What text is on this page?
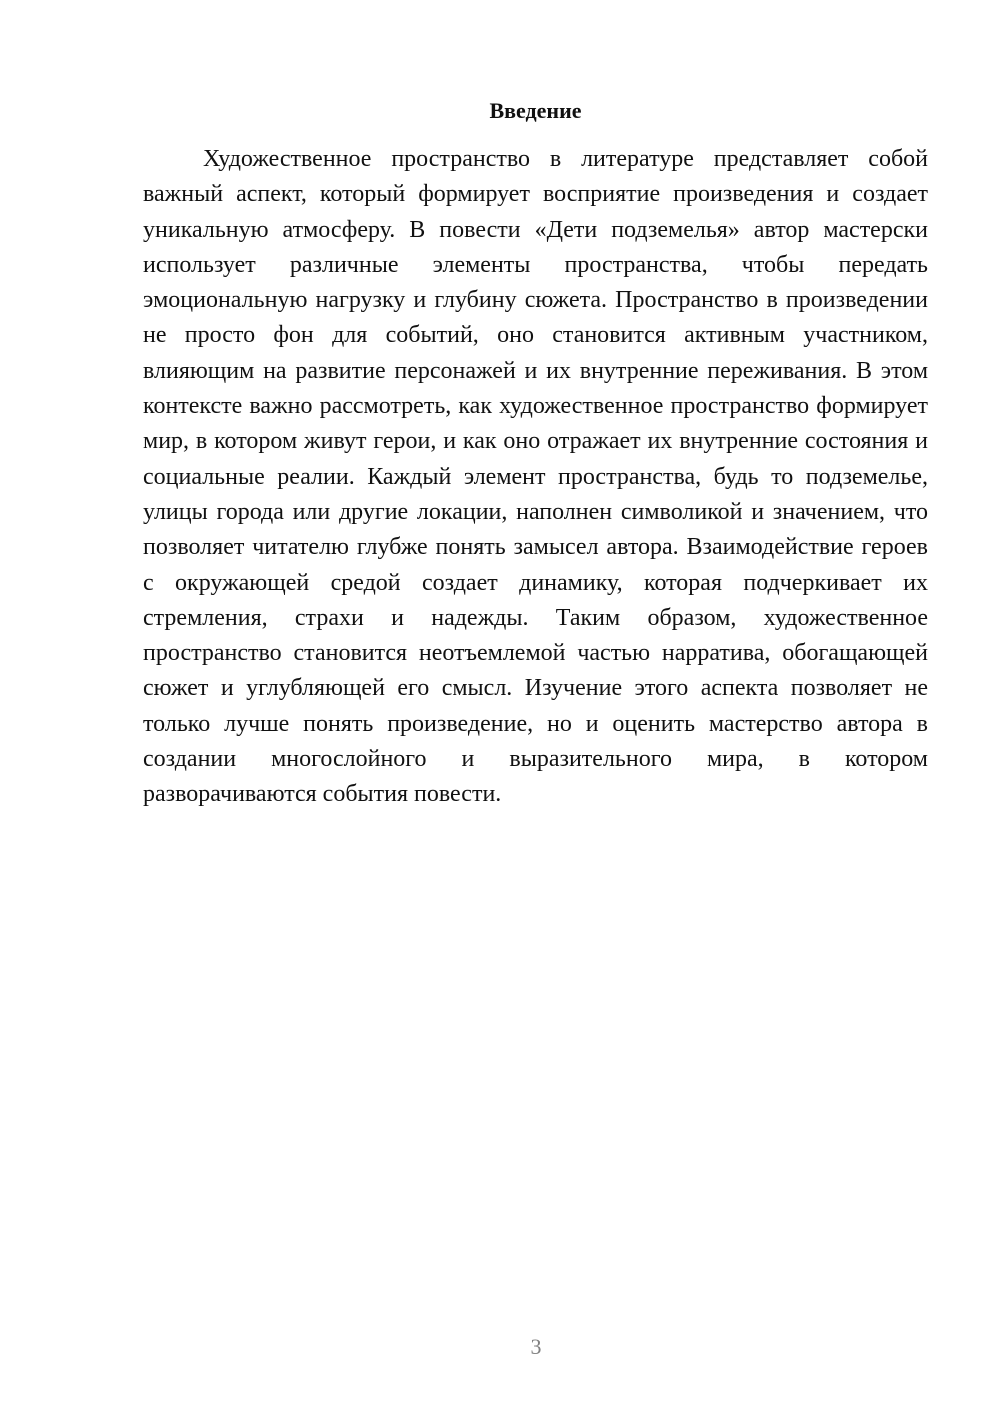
Введение

Художественное пространство в литературе представляет собой важный аспект, который формирует восприятие произведения и создает уникальную атмосферу. В повести «Дети подземелья» автор мастерски использует различные элементы пространства, чтобы передать эмоциональную нагрузку и глубину сюжета. Пространство в произведении не просто фон для событий, оно становится активным участником, влияющим на развитие персонажей и их внутренние переживания. В этом контексте важно рассмотреть, как художественное пространство формирует мир, в котором живут герои, и как оно отражает их внутренние состояния и социальные реалии. Каждый элемент пространства, будь то подземелье, улицы города или другие локации, наполнен символикой и значением, что позволяет читателю глубже понять замысел автора. Взаимодействие героев с окружающей средой создает динамику, которая подчеркивает их стремления, страхи и надежды. Таким образом, художественное пространство становится неотъемлемой частью нарратива, обогащающей сюжет и углубляющей его смысл. Изучение этого аспекта позволяет не только лучше понять произведение, но и оценить мастерство автора в создании многослойного и выразительного мира, в котором разворачиваются события повести.

3
